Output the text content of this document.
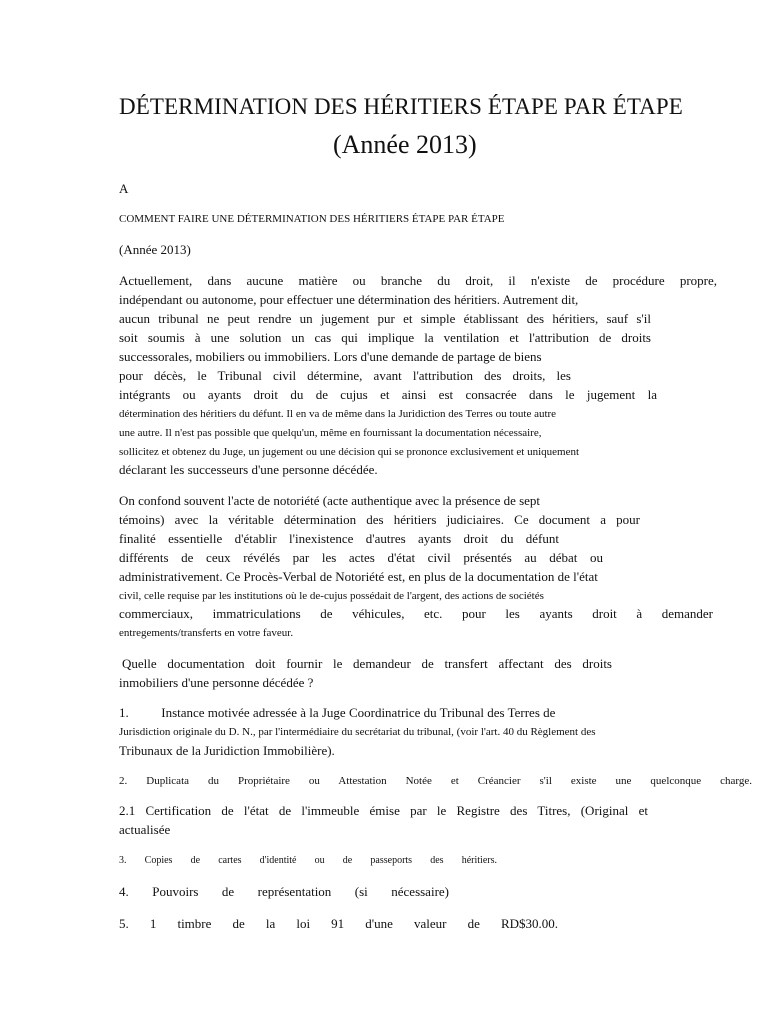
DÉTERMINATION DES HÉRITIERS ÉTAPE PAR ÉTAPE
(Année 2013)
A
COMMENT FAIRE UNE DÉTERMINATION DES HÉRITIERS ÉTAPE PAR ÉTAPE
(Année 2013)
Actuellement, dans aucune matière ou branche du droit, il n'existe de procédure propre,
indépendant ou autonome, pour effectuer une détermination des héritiers. Autrement dit,
aucun tribunal ne peut rendre un jugement pur et simple établissant des héritiers, sauf s'il
soit soumis à une solution un cas qui implique la ventilation et l'attribution de droits
successorales, mobiliers ou immobiliers. Lors d'une demande de partage de biens
pour décès, le Tribunal civil détermine, avant l'attribution des droits, les
intégrants ou ayants droit du de cujus et ainsi est consacrée dans le jugement la
détermination des héritiers du défunt. Il en va de même dans la Juridiction des Terres ou toute autre
une autre. Il n'est pas possible que quelqu'un, même en fournissant la documentation nécessaire,
sollicitez et obtenez du Juge, un jugement ou une décision qui se prononce exclusivement et uniquement
déclarant les successeurs d'une personne décédée.
On confond souvent l'acte de notoriété (acte authentique avec la présence de sept
témoins) avec la véritable détermination des héritiers judiciaires. Ce document a pour
finalité essentielle d'établir l'inexistence d'autres ayants droit du défunt
différents de ceux révélés par les actes d'état civil présentés au débat ou
administrativement. Ce Procès-Verbal de Notoriété est, en plus de la documentation de l'état
civil, celle requise par les institutions où le de-cujus possédait de l'argent, des actions de sociétés
commerciaux, immatriculations de véhicules, etc. pour les ayants droit à demander
entregements/transferts en votre faveur.
Quelle documentation doit fournir le demandeur de transfert affectant des droits
inmobiliers d'une personne décédée ?
1.          Instance motivée adressée à la Juge Coordinatrice du Tribunal des Terres de
Jurisdiction originale du D. N., par l'intermédiaire du secrétariat du tribunal, (voir l'art. 40 du Règlement des
Tribunaux de la Juridiction Immobilière).
2. Duplicata du Propriétaire ou Attestation Notée et Créancier s'il existe une quelconque charge.
2.1 Certification de l'état de l'immeuble émise par le Registre des Titres, (Original et
actualisée
3. Copies de cartes d'identité ou de passeports des héritiers.
4. Pouvoirs de représentation (si nécessaire)
5. 1 timbre de la loi 91 d'une valeur de RD$30.00.
